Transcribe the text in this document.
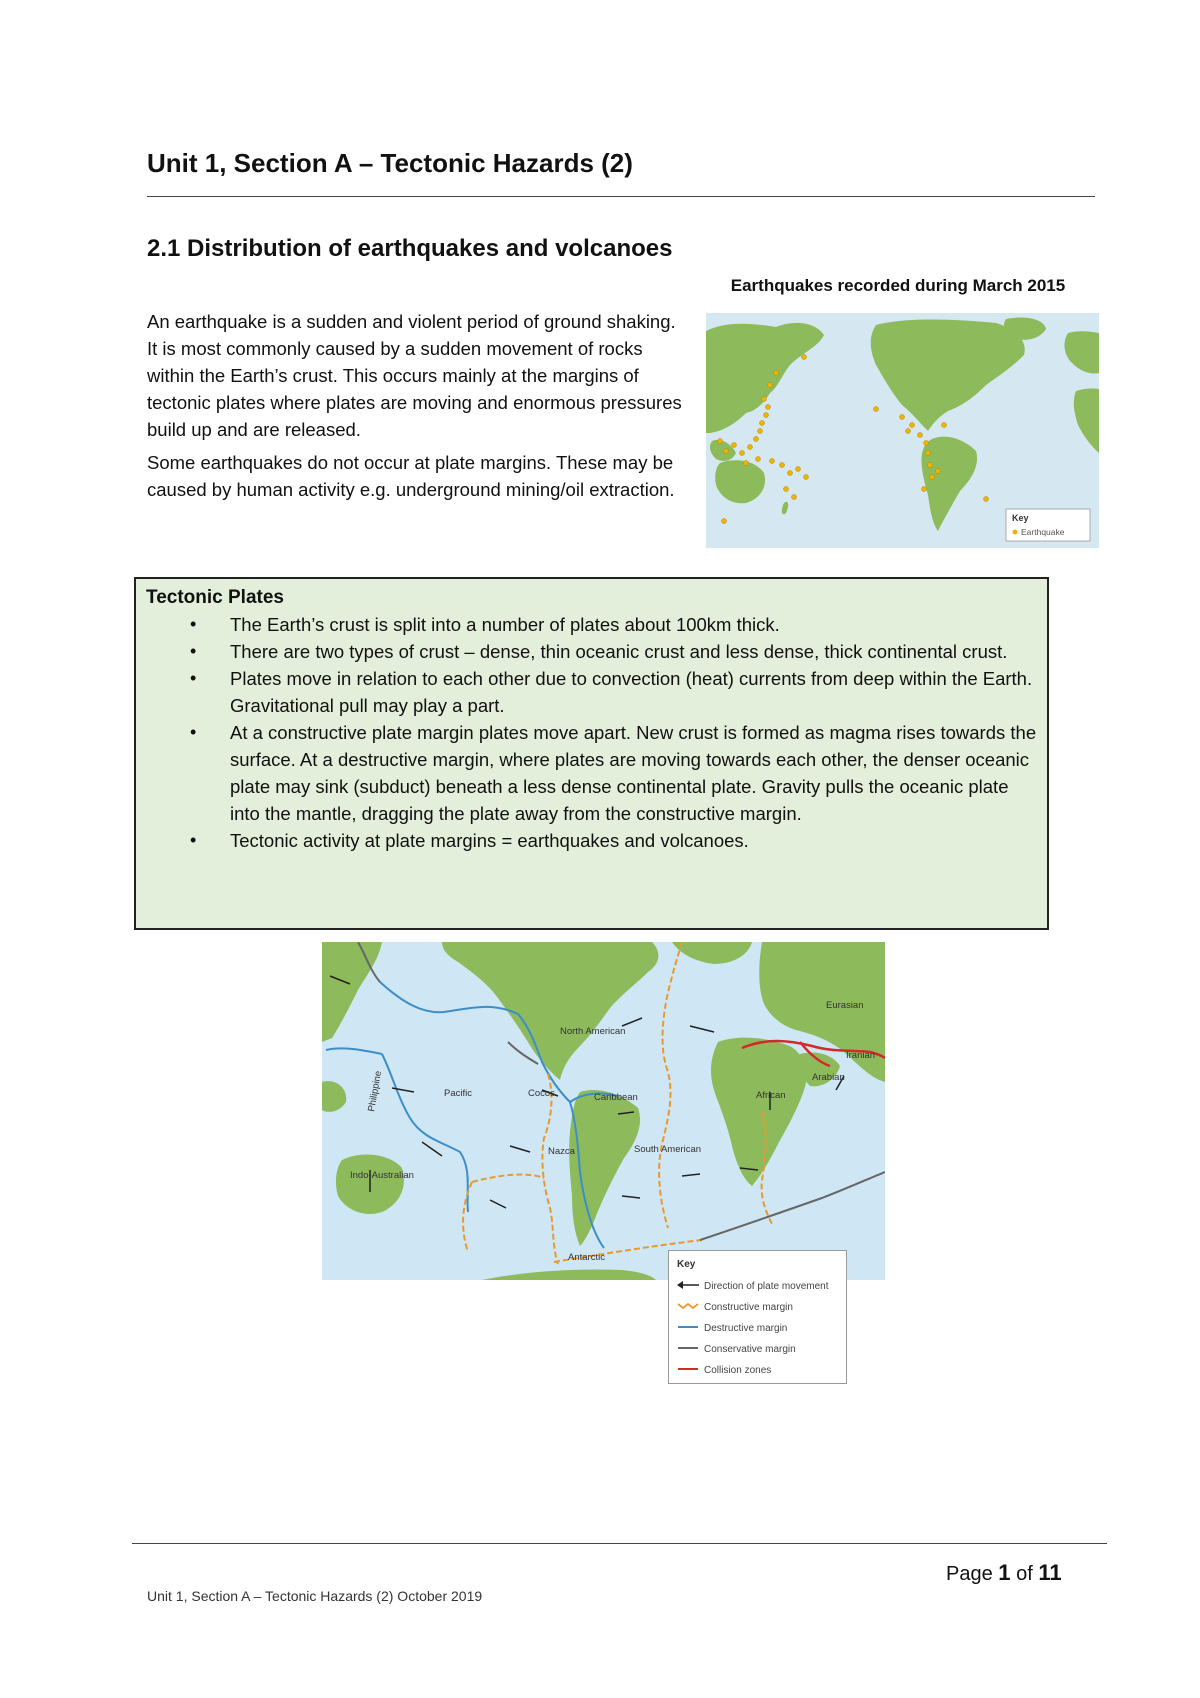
Unit 1, Section A – Tectonic Hazards (2)
2.1 Distribution of earthquakes and volcanoes
Earthquakes recorded during March 2015

An earthquake is a sudden and violent period of ground shaking. It is most commonly caused by a sudden movement of rocks within the Earth’s crust. This occurs mainly at the margins of tectonic plates where plates are moving and enormous pressures build up and are released.

Some earthquakes do not occur at plate margins. These may be caused by human activity e.g. underground mining/oil extraction.

Key
Earthquake
Tectonic Plates
• The Earth’s crust is split into a number of plates about 100km thick.
• There are two types of crust – dense, thin oceanic crust and less dense, thick continental crust.
• Plates move in relation to each other due to convection (heat) currents from deep within the Earth. Gravitational pull may play a part.
• At a constructive plate margin plates move apart. New crust is formed as magma rises towards the surface. At a destructive margin, where plates are moving towards each other, the denser oceanic plate may sink (subduct) beneath a less dense continental plate. Gravity pulls the oceanic plate into the mantle, dragging the plate away from the constructive margin.
• Tectonic activity at plate margins = earthquakes and volcanoes.
Eurasian
North American
Pacific
Philippine	Cocos	Caribbean
South American
Nazca
African
Arabian
Iranian
Indo-Australian
Antarctic
Key
Direction of plate movement
Constructive margin
Destructive margin
Conservative margin
Collision zones
Page 1 of 11
Unit 1, Section A – Tectonic Hazards (2) October 2019
